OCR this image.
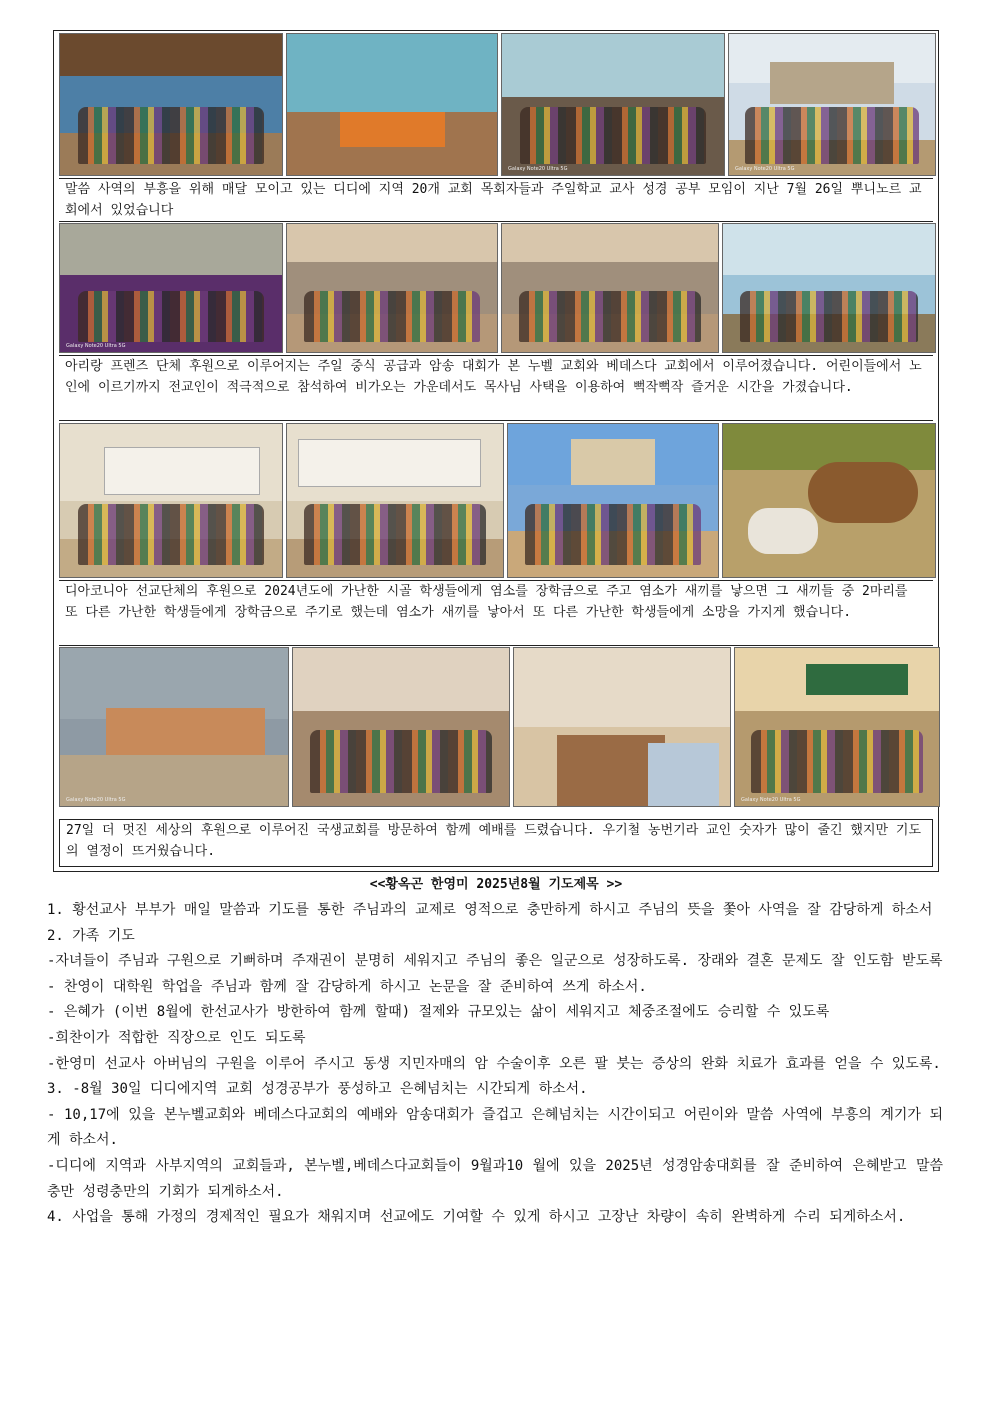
Galaxy Note20 Ultra 5G	Galaxy Note20 Ultra 5G
말씀 사역의 부흥을 위해 매달 모이고 있는 디디에 지역 20개 교회 목회자들과 주일학교 교사 성경 공부 모임이 지난 7월 26일 뿌니노르 교회에서 있었습니다
Galaxy Note20 Ultra 5G
아리랑 프렌즈 단체 후원으로 이루어지는 주일 중식 공급과 암송 대회가 본 누벨 교회와 베데스다 교회에서 이루어졌습니다. 어린이들에서 노인에 이르기까지 전교인이 적극적으로 참석하여 비가오는 가운데서도 목사님 사택을 이용하여 뻑작뻑작 즐거운 시간을 가졌습니다.
디아코니아 선교단체의 후원으로 2024년도에 가난한 시골 학생들에게 염소를 장학금으로 주고 염소가 새끼를 낳으면 그 새끼들 중 2마리를 또 다른 가난한 학생들에게 장학금으로 주기로 했는데 염소가 새끼를 낳아서 또 다른 가난한 학생들에게 소망을 가지게 했습니다.
Galaxy Note20 Ultra 5G	Galaxy Note20 Ultra 5G
27일 더 멋진 세상의 후원으로 이루어진 국생교회를 방문하여 함께 예배를 드렸습니다. 우기철 농번기라 교인 숫자가 많이 줄긴 했지만 기도의 열정이 뜨거웠습니다.
<<황옥곤 한영미 2025년8월 기도제목 >>

1. 황선교사 부부가 매일 말씀과 기도를 통한 주님과의 교제로 영적으로 충만하게 하시고 주님의 뜻을 쫓아 사역을 잘 감당하게 하소서

2. 가족 기도

-자녀들이 주님과 구원으로 기뻐하며 주재권이 분명히 세워지고 주님의 좋은 일군으로 성장하도록. 장래와 결혼 문제도 잘 인도함 받도록

- 찬영이 대학원 학업을 주님과 함께 잘 감당하게 하시고 논문을 잘 준비하여 쓰게 하소서.

- 은혜가 (이번 8월에 한선교사가 방한하여 함께 할때) 절제와 규모있는 삶이 세워지고 체중조절에도 승리할 수 있도록

-희찬이가 적합한 직장으로 인도 되도록

-한영미 선교사 아버님의 구원을 이루어 주시고 동생 지민자매의 암 수술이후 오른 팔 붓는 증상의 완화 치료가 효과를 얻을 수 있도록.

3. -8월 30일 디디에지역 교회 성경공부가 풍성하고 은혜넘치는 시간되게 하소서.

- 10,17에 있을 본누벨교회와 베데스다교회의 예배와 암송대회가 즐겁고 은혜넘치는 시간이되고 어린이와 말씀 사역에 부흥의 계기가 되게 하소서.

-디디에 지역과 사부지역의 교회들과, 본누벨,베데스다교회들이 9월과10 월에 있을 2025년 성경암송대회를 잘 준비하여 은혜받고 말씀충만 성령충만의 기회가 되게하소서.

4. 사업을 통해 가정의 경제적인 필요가 채워지며 선교에도 기여할 수 있게 하시고 고장난 차량이 속히 완벽하게 수리 되게하소서.
